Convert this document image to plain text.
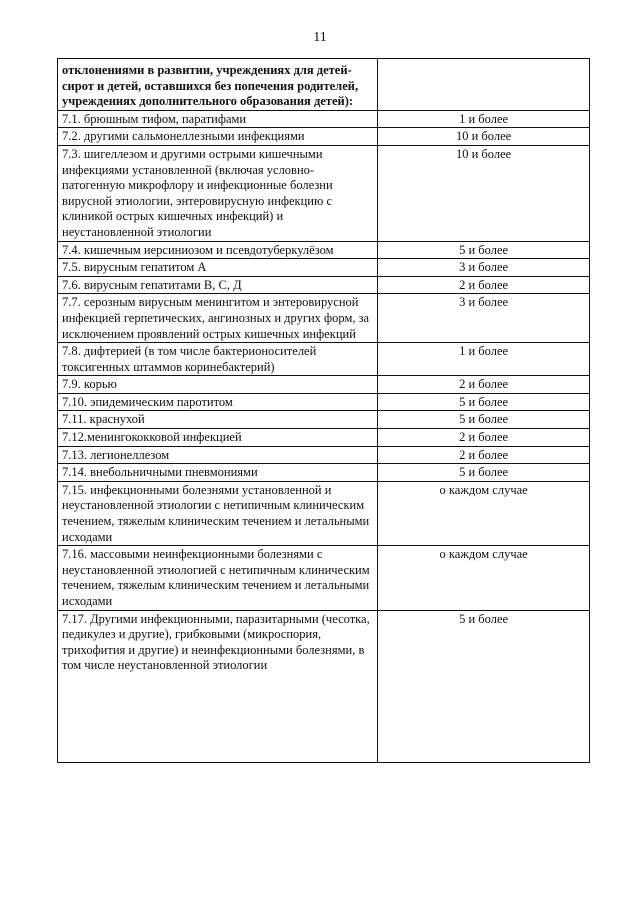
11
отклонениями в развитии, учреждениях для детей-сирот и детей, оставшихся без попечения родителей, учреждениях дополнительного образования детей):	
7.1. брюшным тифом, паратифами	1 и более
7.2. другими сальмонеллезными инфекциями	10 и более
7.3. шигеллезом и другими острыми кишечными инфекциями установленной (включая условно-патогенную микрофлору и инфекционные болезни вирусной этиологии, энтеровирусную инфекцию с клиникой острых кишечных инфекций) и неустановленной этиологии	10 и более
7.4. кишечным иерсиниозом и псевдотуберкулёзом	5 и более
7.5. вирусным гепатитом А	3 и более
7.6. вирусным гепатитами В, С, Д	2 и более
7.7. серозным вирусным менингитом и энтеровирусной инфекцией герпетических, ангинозных и других форм, за исключением проявлений острых кишечных инфекций	3 и более
7.8. дифтерией (в том числе бактерионосителей токсигенных штаммов коринебактерий)	1 и более
7.9. корью	2 и более
7.10. эпидемическим паротитом	5 и более
7.11. краснухой	5 и более
7.12.менингококковой инфекцией	2 и более
7.13. легионеллезом	2 и более
7.14. внебольничными пневмониями	5 и более
7.15. инфекционными болезнями установленной и неустановленной этиологии с нетипичным клиническим течением, тяжелым клиническим течением и летальными исходами	о каждом случае
7.16. массовыми неинфекционными болезнями с неустановленной этиологией с нетипичным клиническим течением, тяжелым клиническим течением и летальными исходами	о каждом случае
7.17. Другими инфекционными, паразитарными (чесотка, педикулез и другие), грибковыми (микроспория, трихофития и другие) и неинфекционными болезнями, в том числе неустановленной этиологии	5 и более
